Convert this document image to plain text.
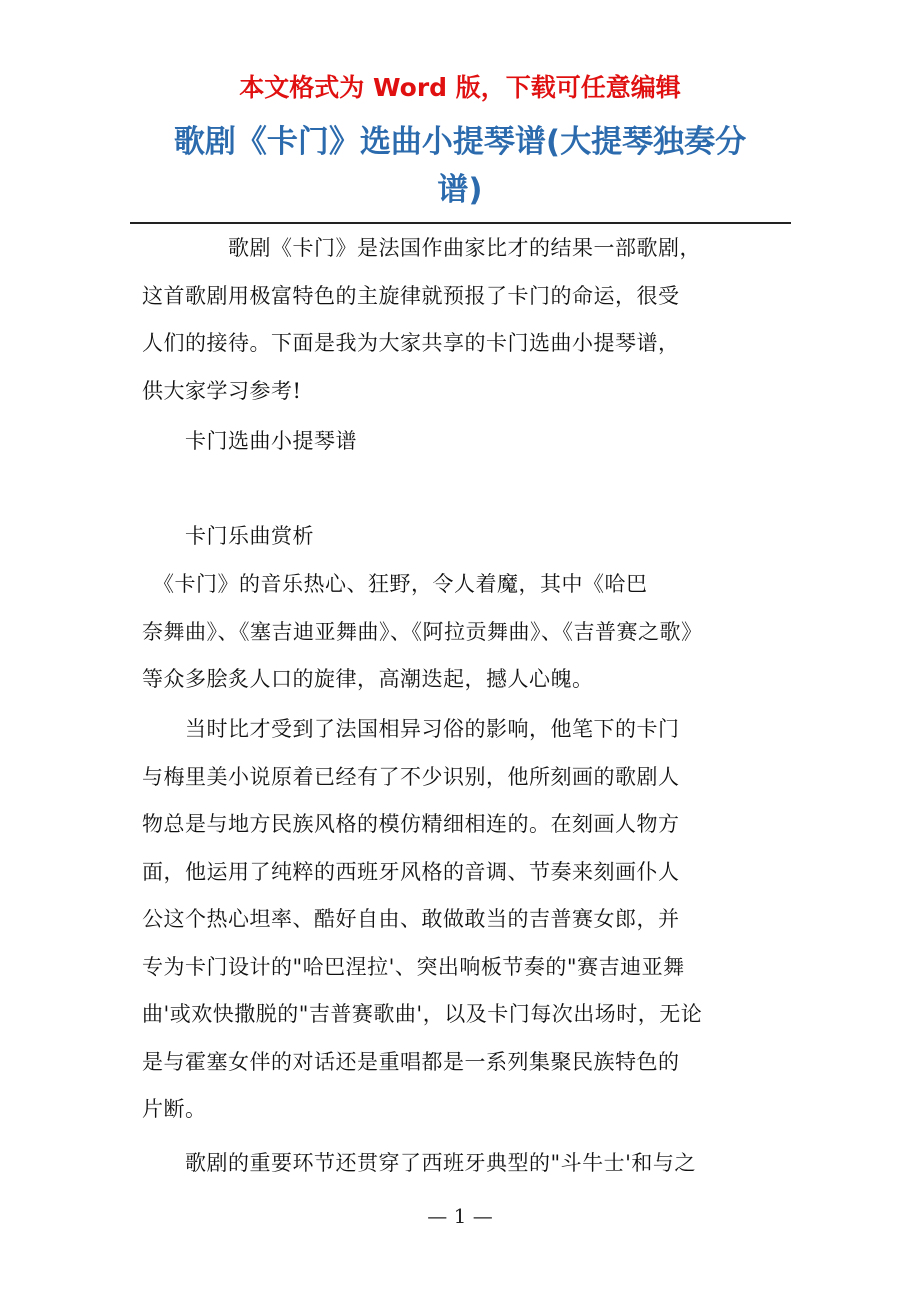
本文格式为 Word 版，下载可任意编辑
歌剧《卡门》选曲小提琴谱(大提琴独奏分
谱)
　　　　歌剧《卡门》是法国作曲家比才的结果一部歌剧，
这首歌剧用极富特色的主旋律就预报了卡门的命运，很受
人们的接待。下面是我为大家共享的卡门选曲小提琴谱，
供大家学习参考!
　　卡门选曲小提琴谱
　　卡门乐曲赏析
　《卡门》的音乐热心、狂野，令人着魔，其中《哈巴
奈舞曲》、《塞吉迪亚舞曲》、《阿拉贡舞曲》、《吉普赛之歌》
等众多脍炙人口的旋律，高潮迭起，撼人心魄。
　　当时比才受到了法国相异习俗的影响，他笔下的卡门
与梅里美小说原着已经有了不少识别，他所刻画的歌剧人
物总是与地方民族风格的模仿精细相连的。在刻画人物方
面，他运用了纯粹的西班牙风格的音调、节奏来刻画仆人
公这个热心坦率、酷好自由、敢做敢当的吉普赛女郎，并
专为卡门设计的"哈巴涅拉'、突出响板节奏的"赛吉迪亚舞
曲'或欢快撒脱的"吉普赛歌曲'，以及卡门每次出场时，无论
是与霍塞女伴的对话还是重唱都是一系列集聚民族特色的
片断。
　　歌剧的重要环节还贯穿了西班牙典型的"斗牛士'和与之
— 1 —
